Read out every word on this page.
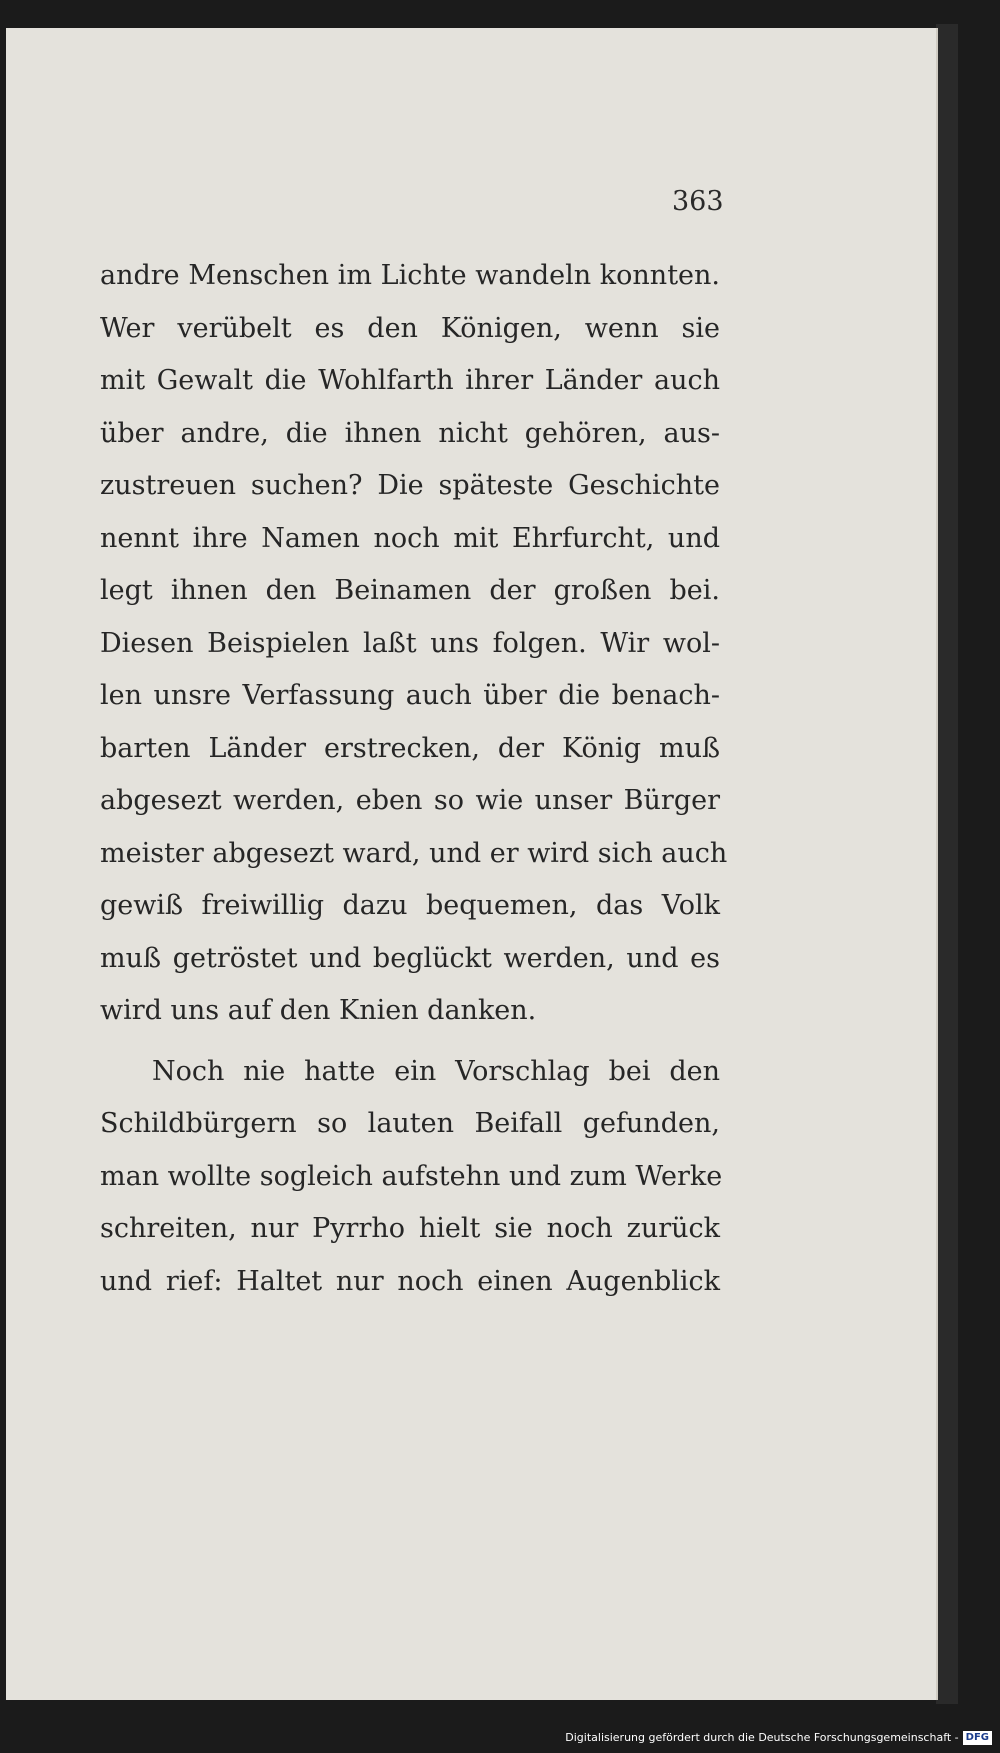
363
andre Menschen im Lichte wandeln konnten.
Wer verübelt es den Königen, wenn sie
mit Gewalt die Wohlfarth ihrer Länder auch
über andre, die ihnen nicht gehören, aus-
zustreuen suchen? Die späteste Geschichte
nennt ihre Namen noch mit Ehrfurcht, und
legt ihnen den Beinamen der großen bei.
Diesen Beispielen laßt uns folgen. Wir wol-
len unsre Verfassung auch über die benach-
barten Länder erstrecken, der König muß
abgesezt werden, eben so wie unser Bürger
meister abgesezt ward, und er wird sich auch
gewiß freiwillig dazu bequemen, das Volk
muß getröstet und beglückt werden, und es
wird uns auf den Knien danken.
Noch nie hatte ein Vorschlag bei den
Schildbürgern so lauten Beifall gefunden,
man wollte sogleich aufstehn und zum Werke
schreiten, nur Pyrrho hielt sie noch zurück
und rief: Haltet nur noch einen Augenblick
Digitalisierung gefördert durch die Deutsche Forschungsgemeinschaft - DFG
